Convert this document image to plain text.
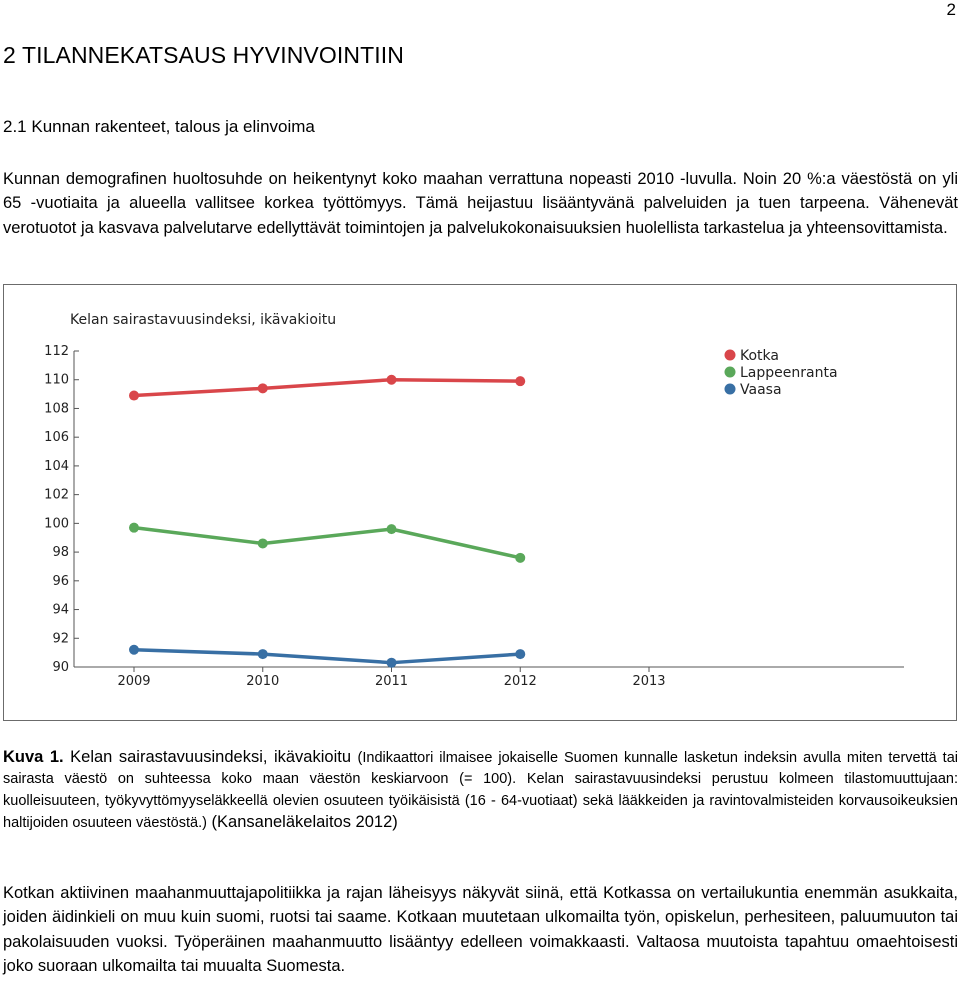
2
2 TILANNEKATSAUS HYVINVOINTIIN
2.1 Kunnan rakenteet, talous ja elinvoima
Kunnan demografinen huoltosuhde on heikentynyt koko maahan verrattuna nopeasti 2010 -luvulla. Noin 20 %:a väestöstä on yli 65 -vuotiaita ja alueella vallitsee korkea työttömyys. Tämä heijastuu lisääntyvänä palveluiden ja tuen tarpeena. Vähenevät verotuotot ja kasvava palvelutarve edellyttävät toimintojen ja palvelukokonaisuuksien huolellista tarkastelua ja yhteensovittamista.
Kelan sairastavuusindeksi, ikävakioitu
90
92
94
96
98
100
102
104
106
108
110
112
2009	2010	2011	2012	2013
Kotka
Lappeenranta
Vaasa
Kuva 1. Kelan sairastavuusindeksi, ikävakioitu (Indikaattori ilmaisee jokaiselle Suomen kunnalle lasketun indeksin avulla miten tervettä tai sairasta väestö on suhteessa koko maan väestön keskiarvoon (= 100). Kelan sairastavuusindeksi perustuu kolmeen tilastomuuttujaan: kuolleisuuteen, työkyvyttömyyseläkkeellä olevien osuuteen työikäisistä (16 - 64-vuotiaat) sekä lääkkeiden ja ravintovalmisteiden korvausoikeuksien haltijoiden osuuteen väestöstä.) (Kansaneläkelaitos 2012)
Kotkan aktiivinen maahanmuuttajapolitiikka ja rajan läheisyys näkyvät siinä, että Kotkassa on vertailukuntia enemmän asukkaita, joiden äidinkieli on muu kuin suomi, ruotsi tai saame. Kotkaan muutetaan ulkomailta työn, opiskelun, perhesiteen, paluumuuton tai pakolaisuuden vuoksi. Työperäinen maahanmuutto lisääntyy edelleen voimakkaasti. Valtaosa muutoista tapahtuu omaehtoisesti joko suoraan ulkomailta tai muualta Suomesta.
